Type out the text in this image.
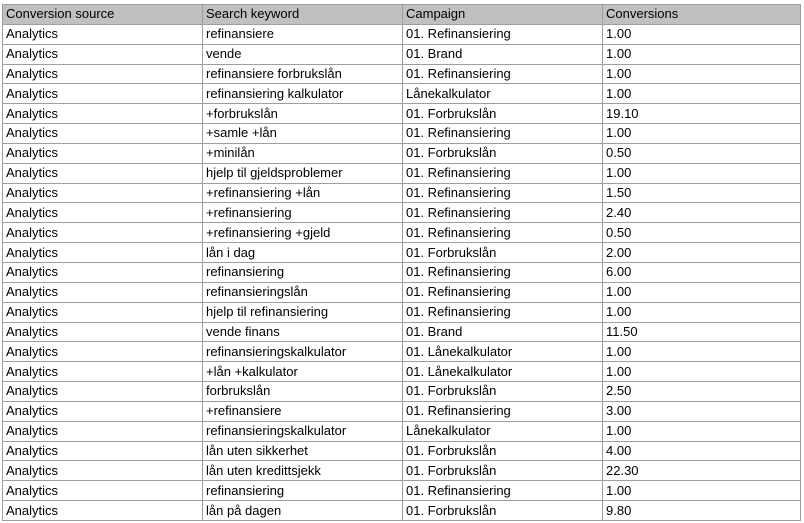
Conversion source	Search keyword	Campaign	Conversions
Analytics	refinansiere	01. Refinansiering	1.00
Analytics	vende	01. Brand	1.00
Analytics	refinansiere forbrukslån	01. Refinansiering	1.00
Analytics	refinansiering kalkulator	Lånekalkulator	1.00
Analytics	+forbrukslån	01. Forbrukslån	19.10
Analytics	+samle +lån	01. Refinansiering	1.00
Analytics	+minilån	01. Forbrukslån	0.50
Analytics	hjelp til gjeldsproblemer	01. Refinansiering	1.00
Analytics	+refinansiering +lån	01. Refinansiering	1.50
Analytics	+refinansiering	01. Refinansiering	2.40
Analytics	+refinansiering +gjeld	01. Refinansiering	0.50
Analytics	lån i dag	01. Forbrukslån	2.00
Analytics	refinansiering	01. Refinansiering	6.00
Analytics	refinansieringslån	01. Refinansiering	1.00
Analytics	hjelp til refinansiering	01. Refinansiering	1.00
Analytics	vende finans	01. Brand	11.50
Analytics	refinansieringskalkulator	01. Lånekalkulator	1.00
Analytics	+lån +kalkulator	01. Lånekalkulator	1.00
Analytics	forbrukslån	01. Forbrukslån	2.50
Analytics	+refinansiere	01. Refinansiering	3.00
Analytics	refinansieringskalkulator	Lånekalkulator	1.00
Analytics	lån uten sikkerhet	01. Forbrukslån	4.00
Analytics	lån uten kredittsjekk	01. Forbrukslån	22.30
Analytics	refinansiering	01. Refinansiering	1.00
Analytics	lån på dagen	01. Forbrukslån	9.80
